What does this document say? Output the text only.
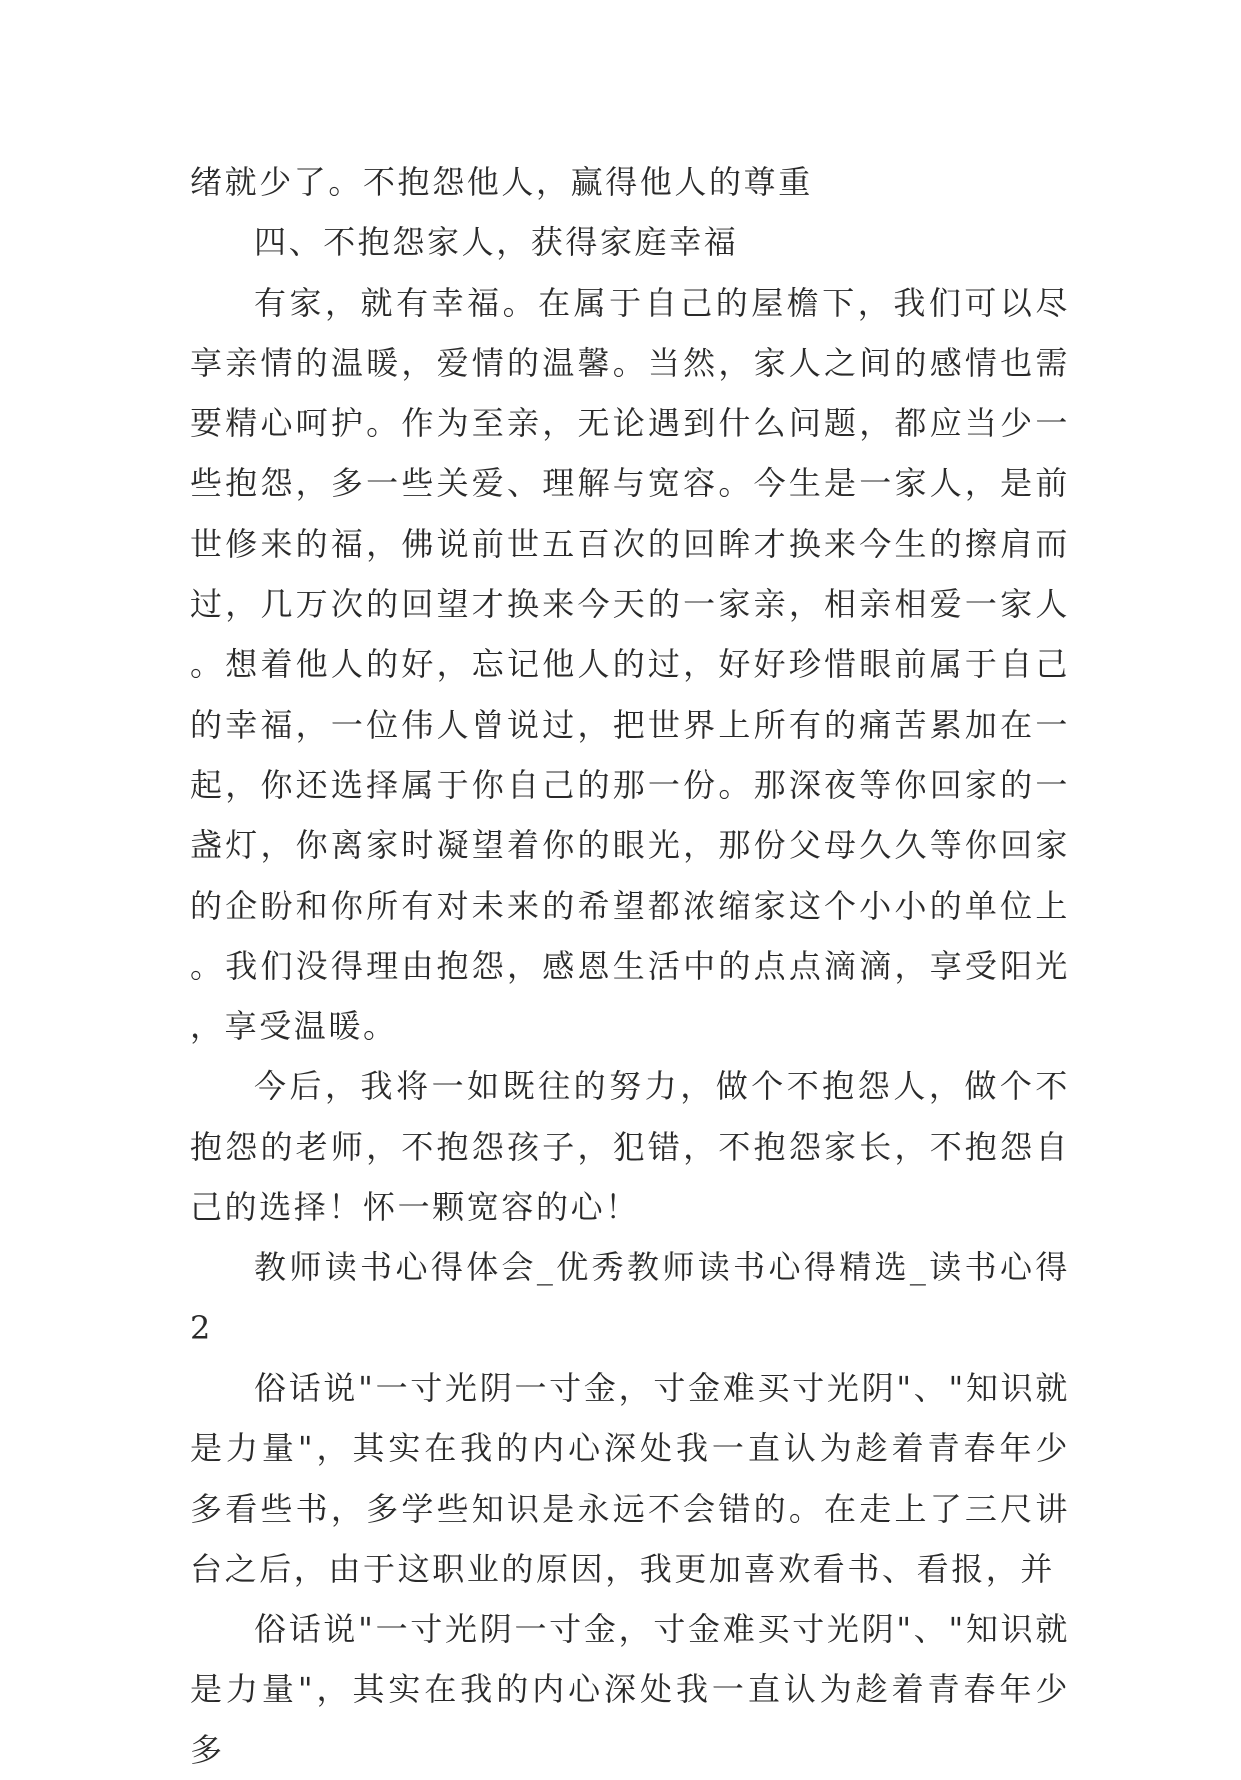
绪就少了。不抱怨他人，赢得他人的尊重

四、不抱怨家人，获得家庭幸福

有家，就有幸福。在属于自己的屋檐下，我们可以尽享亲情的温暖，爱情的温馨。当然，家人之间的感情也需要精心呵护。作为至亲，无论遇到什么问题，都应当少一些抱怨，多一些关爱、理解与宽容。今生是一家人，是前世修来的福，佛说前世五百次的回眸才换来今生的擦肩而过，几万次的回望才换来今天的一家亲，相亲相爱一家人。想着他人的好，忘记他人的过，好好珍惜眼前属于自己的幸福，一位伟人曾说过，把世界上所有的痛苦累加在一起，你还选择属于你自己的那一份。那深夜等你回家的一盏灯，你离家时凝望着你的眼光，那份父母久久等你回家的企盼和你所有对未来的希望都浓缩家这个小小的单位上。我们没得理由抱怨，感恩生活中的点点滴滴，享受阳光，享受温暖。

今后，我将一如既往的努力，做个不抱怨人，做个不抱怨的老师，不抱怨孩子，犯错，不抱怨家长，不抱怨自己的选择！怀一颗宽容的心！

教师读书心得体会_优秀教师读书心得精选_读书心得 2

俗话说"一寸光阴一寸金，寸金难买寸光阴"、"知识就是力量"，其实在我的内心深处我一直认为趁着青春年少多看些书，多学些知识是永远不会错的。在走上了三尺讲台之后，由于这职业的原因，我更加喜欢看书、看报，并

俗话说"一寸光阴一寸金，寸金难买寸光阴"、"知识就是力量"，其实在我的内心深处我一直认为趁着青春年少多
